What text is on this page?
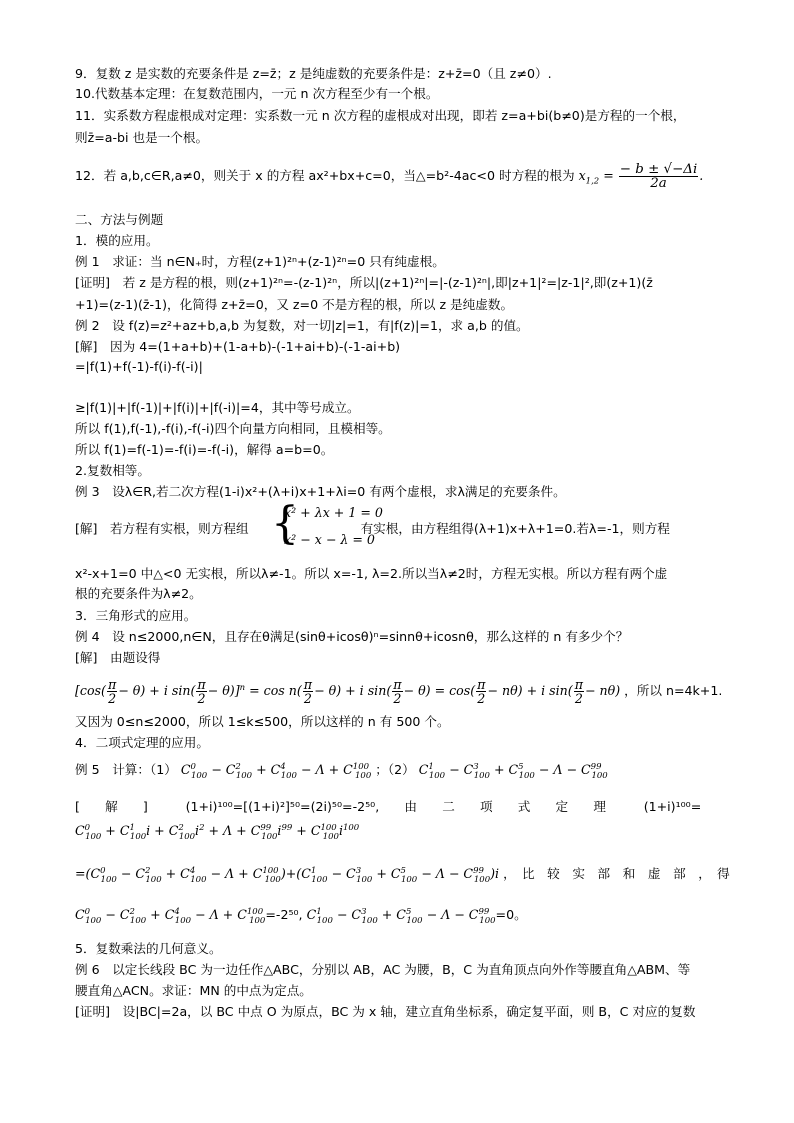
9．复数 z 是实数的充要条件是 z=z̄；z 是纯虚数的充要条件是：z+z̄=0（且 z≠0）.
10.代数基本定理：在复数范围内，一元 n 次方程至少有一个根。
11．实系数方程虚根成对定理：实系数一元 n 次方程的虚根成对出现，即若 z=a+bi(b≠0)是方程的一个根，
则z̄=a-bi 也是一个根。
12．若 a,b,c∈R,a≠0，则关于 x 的方程 ax²+bx+c=0，当△=b²-4ac<0 时方程的根为 $x_{1,2} = \frac{- b \pm √-\Delta i}{2a}$ .
二、方法与例题
1．模的应用。
例 1　求证：当 n∈N₊时，方程(z+1)²ⁿ+(z-1)²ⁿ=0 只有纯虚根。
[证明]　若 z 是方程的根，则(z+1)²ⁿ=-(z-1)²ⁿ，所以|(z+1)²ⁿ|=|-(z-1)²ⁿ|,即|z+1|²=|z-1|²,即(z+1)(z̄
+1)=(z-1)(z̄-1)，化简得 z+z̄=0，又 z=0 不是方程的根，所以 z 是纯虚数。
例 2　设 f(z)=z²+az+b,a,b 为复数，对一切|z|=1，有|f(z)|=1，求 a,b 的值。
[解]　因为 4=(1+a+b)+(1-a+b)-(-1+ai+b)-(-1-ai+b)
=|f(1)+f(-1)-f(i)-f(-i)|
≥|f(1)|+|f(-1)|+|f(i)|+|f(-i)|=4，其中等号成立。
所以 f(1),f(-1),-f(i),-f(-i)四个向量方向相同，且模相等。
所以 f(1)=f(-1)=-f(i)=-f(-i)，解得 a=b=0。
2.复数相等。
例 3　设λ∈R,若二次方程(1-i)x²+(λ+i)x+1+λi=0 有两个虚根，求λ满足的充要条件。
[解]　若方程有实根，则方程组	有实根，由方程组得(λ+1)x+λ+1=0.若λ=-1，则方程
{
x² + λx + 1 = 0
x² − x − λ = 0
x²-x+1=0 中△<0 无实根，所以λ≠-1。所以 x=-1, λ=2.所以当λ≠2时，方程无实根。所以方程有两个虚
根的充要条件为λ≠2。
3．三角形式的应用。
例 4　设 n≤2000,n∈N，且存在θ满足(sinθ+icosθ)ⁿ=sinnθ+icosnθ，那么这样的 n 有多少个？
[解]　由题设得
[$\cos( \frac{\pi}{2} - \theta) + i$ $\sin( \frac{\pi}{2} - \theta)]^n = \cos n( \frac{\pi}{2} - \theta) + i$ $\sin( \frac{\pi}{2} - \theta) = \cos( \frac{\pi}{2} - n\theta) + i$ $\sin( \frac{\pi}{2} - n\theta)$ ，所以 n=4k+1.
又因为 0≤n≤2000，所以 1≤k≤500，所以这样的 n 有 500 个。
4．二项式定理的应用。
例 5　计算：（1） $C^0_{100} - C^2_{100} + C^4_{100} - \Lambda + C^{100}_{100}$ ；（2） $C^1_{100} - C^3_{100} + C^5_{100} - \Lambda - C^{99}_{100}$
[　　解　　]　　　(1+i)¹⁰⁰=[(1+i)²]⁵⁰=(2i)⁵⁰=-2⁵⁰,　　由　　二　　项　　式　　定　　理　　　(1+i)¹⁰⁰=
$C^0_{100} + C^1_{100}i + C^2_{100}i^2 + \Lambda + C^{99}_{100}i^{99} + C^{100}_{100}i^{100}$
$=(C^0_{100} - C^2_{100} + C^4_{100} - \Lambda + C^{100}_{100})+(C^1_{100} - C^3_{100} + C^5_{100} - \Lambda - C^{99}_{100})i$ ，　比　较　实　部　和　虚　部　，　得
$C^0_{100} - C^2_{100} + C^4_{100} - \Lambda + C^{100}_{100}=-2^{50}$, $C^1_{100} - C^3_{100} + C^5_{100} - \Lambda - C^{99}_{100}=0$。
5．复数乘法的几何意义。
例 6　以定长线段 BC 为一边任作△ABC，分别以 AB，AC 为腰，B，C 为直角顶点向外作等腰直角△ABM、等
腰直角△ACN。求证：MN 的中点为定点。
[证明]　设|BC|=2a，以 BC 中点 O 为原点，BC 为 x 轴，建立直角坐标系，确定复平面，则 B，C 对应的复数
